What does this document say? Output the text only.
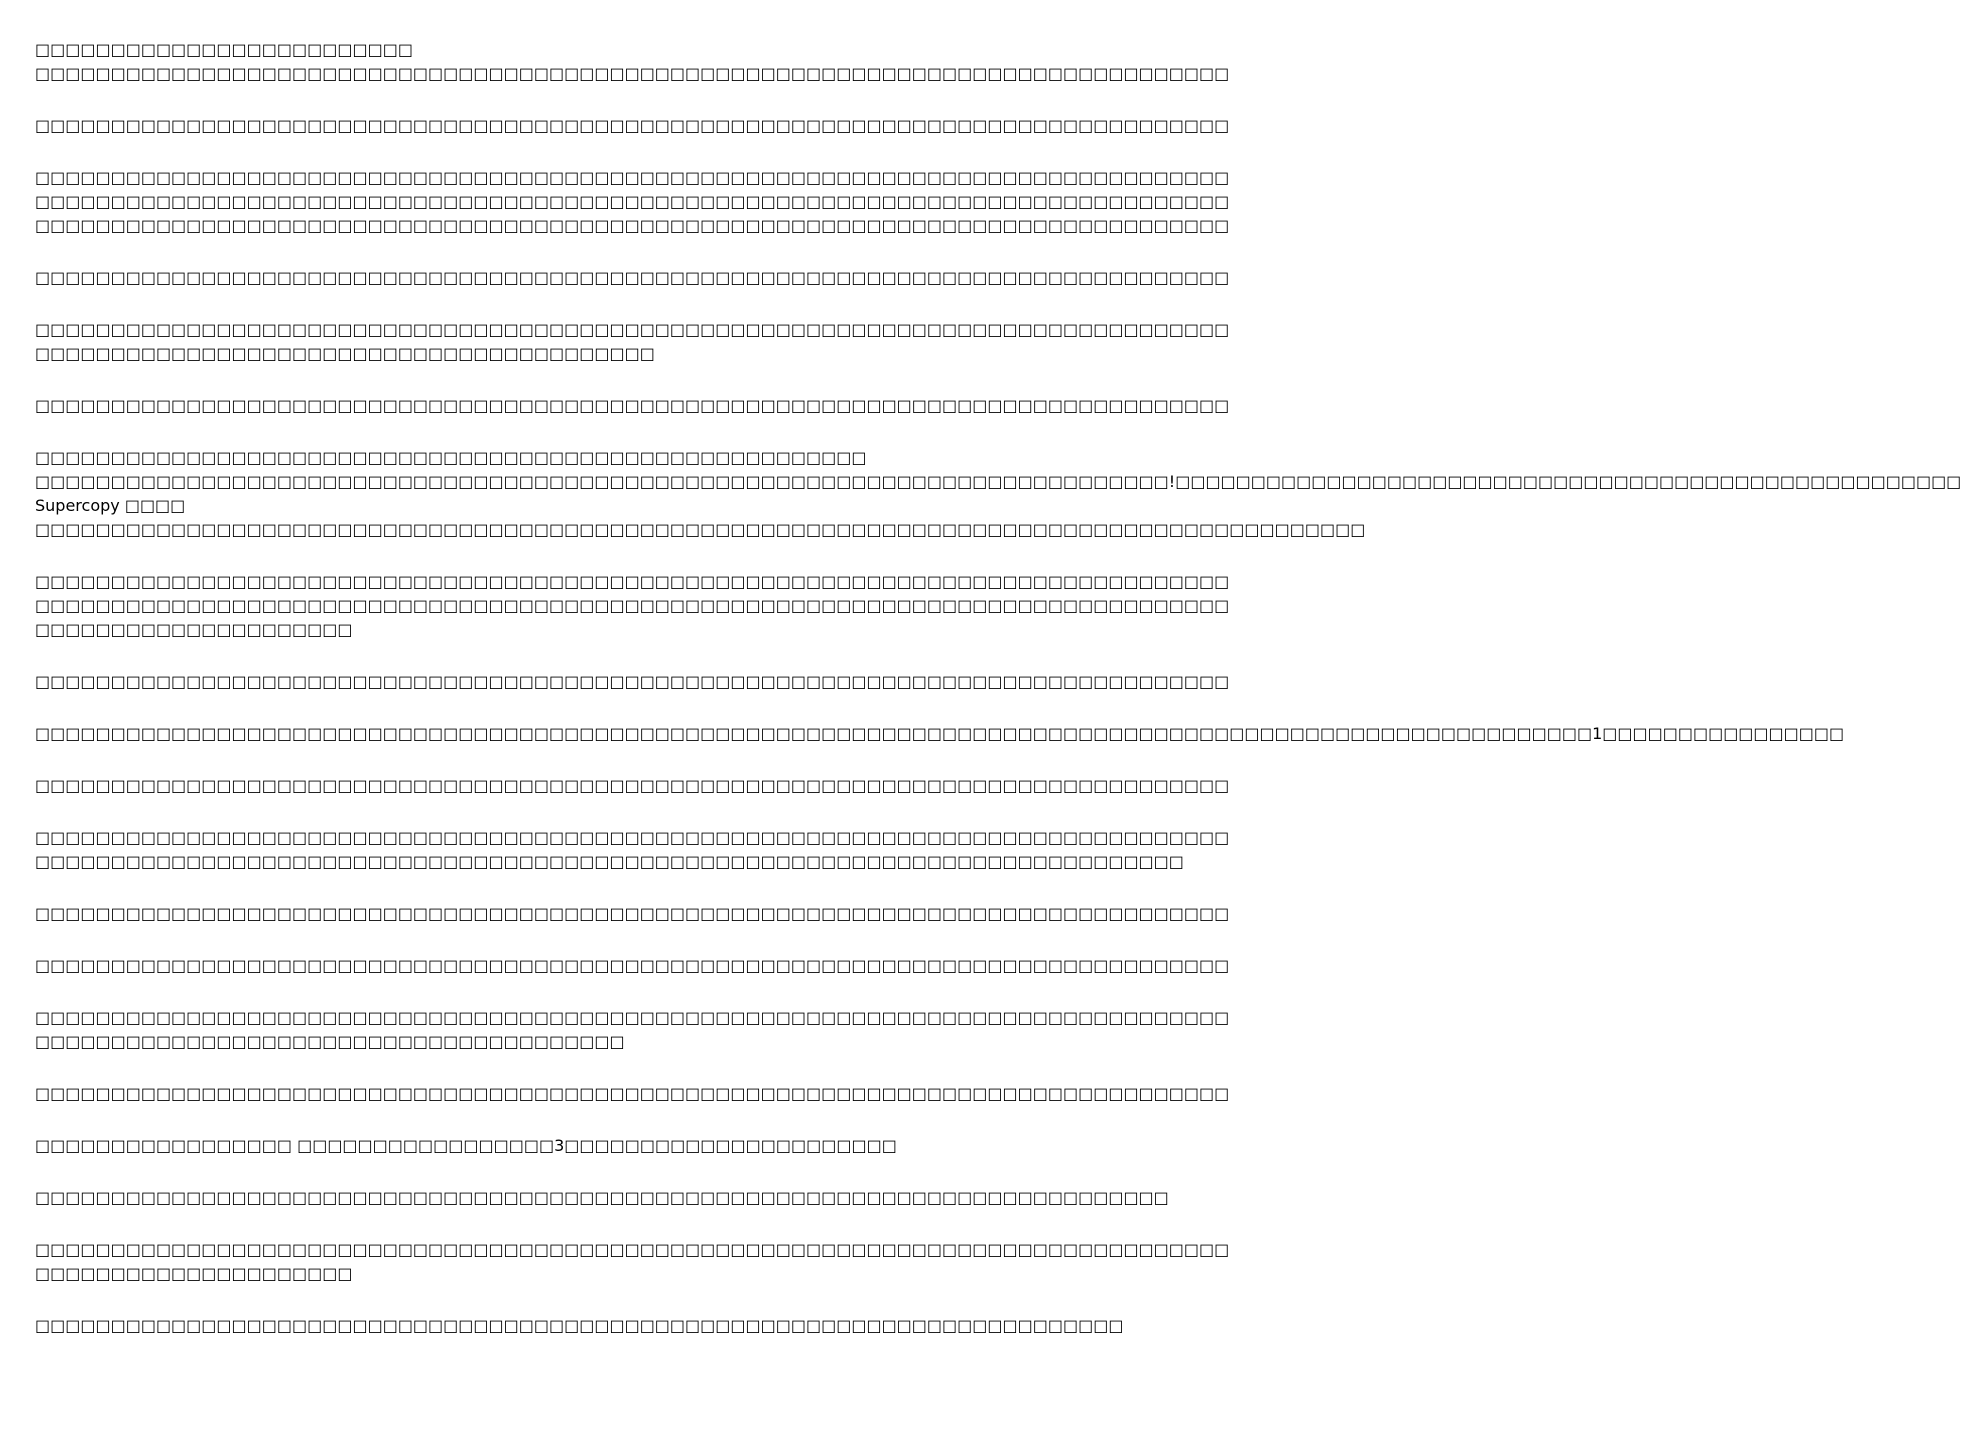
□□□□□□□□□□□□□□□□□□□□□□□□□
□□□□□□□□□□□□□□□□□□□□□□□□□□□□□□□□□□□□□□□□□□□□□□□□□□□□□□□□□□□□□□□□□□□□□□□□□□□□□□□
□□□□□□□□□□□□□□□□□□□□□□□□□□□□□□□□□□□□□□□□□□□□□□□□□□□□□□□□□□□□□□□□□□□□□□□□□□□□□□□
□□□□□□□□□□□□□□□□□□□□□□□□□□□□□□□□□□□□□□□□□□□□□□□□□□□□□□□□□□□□□□□□□□□□□□□□□□□□□□□
□□□□□□□□□□□□□□□□□□□□□□□□□□□□□□□□□□□□□□□□□□□□□□□□□□□□□□□□□□□□□□□□□□□□□□□□□□□□□□□
□□□□□□□□□□□□□□□□□□□□□□□□□□□□□□□□□□□□□□□□□□□□□□□□□□□□□□□□□□□□□□□□□□□□□□□□□□□□□□□
□□□□□□□□□□□□□□□□□□□□□□□□□□□□□□□□□□□□□□□□□□□□□□□□□□□□□□□□□□□□□□□□□□□□□□□□□□□□□□□
□□□□□□□□□□□□□□□□□□□□□□□□□□□□□□□□□□□□□□□□□□□□□□□□□□□□□□□□□□□□□□□□□□□□□□□□□□□□□□□
□□□□□□□□□□□□□□□□□□□□□□□□□□□□□□□□□□□□□□□□□
□□□□□□□□□□□□□□□□□□□□□□□□□□□□□□□□□□□□□□□□□□□□□□□□□□□□□□□□□□□□□□□□□□□□□□□□□□□□□□□
□□□□□□□□□□□□□□□□□□□□□□□□□□□□□□□□□□□□□□□□□□□□□□□□□□□□□□□
□□□□□□□□□□□□□□□□□□□□□□□□□□□□□□□□□□□□□□□□□□□□□□□□□□□□□□□□□□□□□□□□□□□□□□□□□□□!□□□□□□□□□□□□□□□□□□□□□□□□□□□□□□□□□□□□□□□□□□□□□□□□□□□□
Supercopy □□□□
□□□□□□□□□□□□□□□□□□□□□□□□□□□□□□□□□□□□□□□□□□□□□□□□□□□□□□□□□□□□□□□□□□□□□□□□□□□□□□□□□□□□□□□□
□□□□□□□□□□□□□□□□□□□□□□□□□□□□□□□□□□□□□□□□□□□□□□□□□□□□□□□□□□□□□□□□□□□□□□□□□□□□□□□
□□□□□□□□□□□□□□□□□□□□□□□□□□□□□□□□□□□□□□□□□□□□□□□□□□□□□□□□□□□□□□□□□□□□□□□□□□□□□□□
□□□□□□□□□□□□□□□□□□□□□
□□□□□□□□□□□□□□□□□□□□□□□□□□□□□□□□□□□□□□□□□□□□□□□□□□□□□□□□□□□□□□□□□□□□□□□□□□□□□□□
□□□□□□□□□□□□□□□□□□□□□□□□□□□□□□□□□□□□□□□□□□□□□□□□□□□□□□□□□□□□□□□□□□□□□□□□□□□□□□□□□□□□□□□□□□□□□□□□□□□□□□□1□□□□□□□□□□□□□□□□
□□□□□□□□□□□□□□□□□□□□□□□□□□□□□□□□□□□□□□□□□□□□□□□□□□□□□□□□□□□□□□□□□□□□□□□□□□□□□□□
□□□□□□□□□□□□□□□□□□□□□□□□□□□□□□□□□□□□□□□□□□□□□□□□□□□□□□□□□□□□□□□□□□□□□□□□□□□□□□□
□□□□□□□□□□□□□□□□□□□□□□□□□□□□□□□□□□□□□□□□□□□□□□□□□□□□□□□□□□□□□□□□□□□□□□□□□□□□
□□□□□□□□□□□□□□□□□□□□□□□□□□□□□□□□□□□□□□□□□□□□□□□□□□□□□□□□□□□□□□□□□□□□□□□□□□□□□□□
□□□□□□□□□□□□□□□□□□□□□□□□□□□□□□□□□□□□□□□□□□□□□□□□□□□□□□□□□□□□□□□□□□□□□□□□□□□□□□□
□□□□□□□□□□□□□□□□□□□□□□□□□□□□□□□□□□□□□□□□□□□□□□□□□□□□□□□□□□□□□□□□□□□□□□□□□□□□□□□
□□□□□□□□□□□□□□□□□□□□□□□□□□□□□□□□□□□□□□□
□□□□□□□□□□□□□□□□□□□□□□□□□□□□□□□□□□□□□□□□□□□□□□□□□□□□□□□□□□□□□□□□□□□□□□□□□□□□□□□
□□□□□□□□□□□□□□□□□ □□□□□□□□□□□□□□□□□3□□□□□□□□□□□□□□□□□□□□□□
□□□□□□□□□□□□□□□□□□□□□□□□□□□□□□□□□□□□□□□□□□□□□□□□□□□□□□□□□□□□□□□□□□□□□□□□□□□
□□□□□□□□□□□□□□□□□□□□□□□□□□□□□□□□□□□□□□□□□□□□□□□□□□□□□□□□□□□□□□□□□□□□□□□□□□□□□□□
□□□□□□□□□□□□□□□□□□□□□
□□□□□□□□□□□□□□□□□□□□□□□□□□□□□□□□□□□□□□□□□□□□□□□□□□□□□□□□□□□□□□□□□□□□□□□□
